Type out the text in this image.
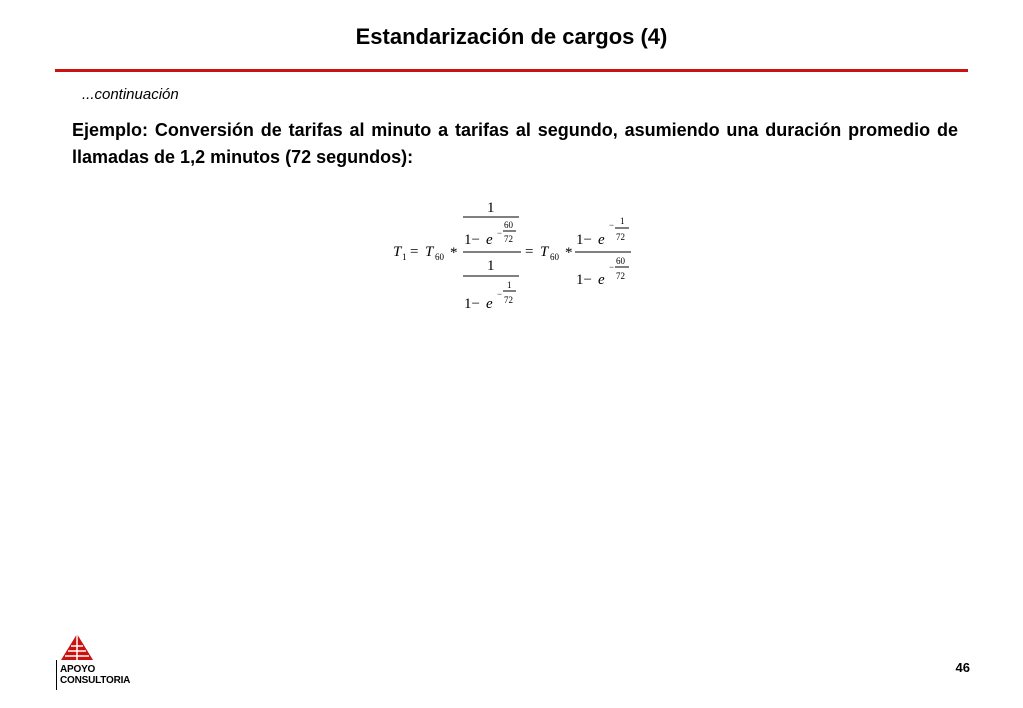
Estandarización de cargos (4)
...continuación

Ejemplo: Conversión de tarifas al minuto a tarifas al segundo, asumiendo una duración promedio de llamadas de 1,2 minutos (72 segundos):

T 1 = T 60 *
1
1− e −
60
72
1
1− e
−
1
72
= T 60 *
1− e
− 1
72
1− e
−
60
72
APOYO
CONSULTORIA
46
